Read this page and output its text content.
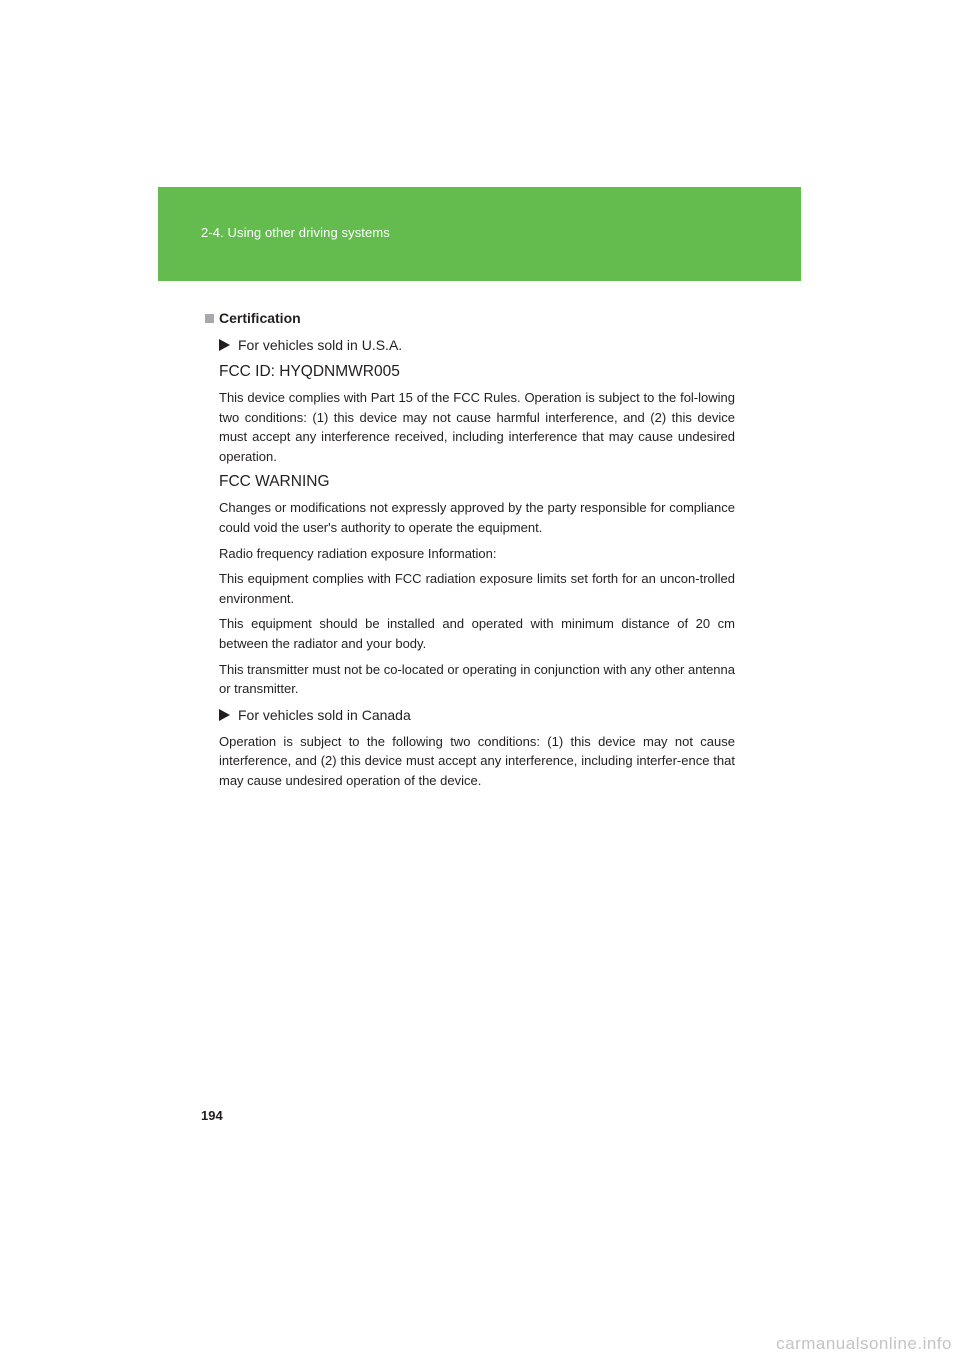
2-4. Using other driving systems
Certification
For vehicles sold in U.S.A.
FCC ID: HYQDNMWR005
This device complies with Part 15 of the FCC Rules. Operation is subject to the fol-lowing two conditions: (1) this device may not cause harmful interference, and (2) this device must accept any interference received, including interference that may cause undesired operation.
FCC WARNING
Changes or modifications not expressly approved by the party responsible for compliance could void the user's authority to operate the equipment.
Radio frequency radiation exposure Information:
This equipment complies with FCC radiation exposure limits set forth for an uncon-trolled environment.
This equipment should be installed and operated with minimum distance of 20 cm between the radiator and your body.
This transmitter must not be co-located or operating in conjunction with any other antenna or transmitter.
For vehicles sold in Canada
Operation is subject to the following two conditions: (1) this device may not cause interference, and (2) this device must accept any interference, including interfer-ence that may cause undesired operation of the device.
194
carmanualsonline.info
